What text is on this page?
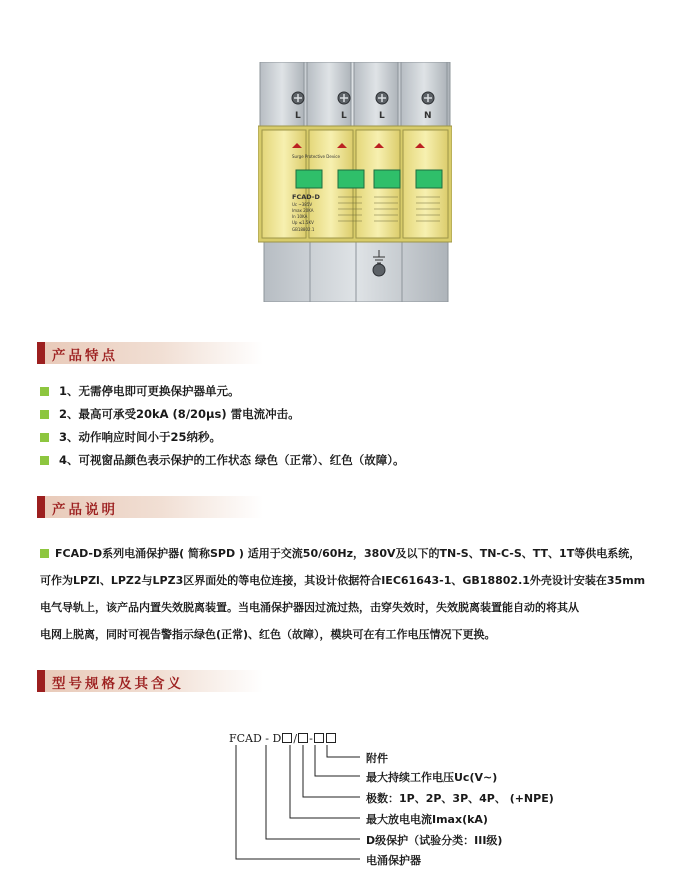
L	L	L	N
Surge Protective Device
FCAD-D
Uc ~385V
Imax 20KA
In 10KA
Up ≤1.5KV
GB18802.1
产品特点
1、无需停电即可更换保护器单元。
2、最高可承受20kA (8/20μs) 雷电流冲击。
3、动作响应时间小于25纳秒。
4、可视窗品颜色表示保护的工作状态 绿色（正常）、红色（故障）。
产品说明
FCAD-D系列电涌保护器( 简称SPD ) 适用于交流50/60Hz，380V及以下的TN-S、TN-C-S、TT、1T等供电系统，
可作为LPZl、LPZ2与LPZ3区界面处的等电位连接，其设计依据符合IEC61643-1、GB18802.1外壳设计安装在35mm
电气导轨上，该产品内置失效脱离装置。当电涌保护器因过流过热，击穿失效时，失效脱离装置能自动的将其从
电网上脱离，同时可视告警指示绿色(正常)、红色（故障），模块可在有工作电压情况下更换。
型号规格及其含义
FCAD - D / -
附件
最大持续工作电压Uc(V~)
极数：1P、2P、3P、4P、 (+NPE)
最大放电电流Imax(kA)
D级保护（试验分类：III级)
电涌保护器
